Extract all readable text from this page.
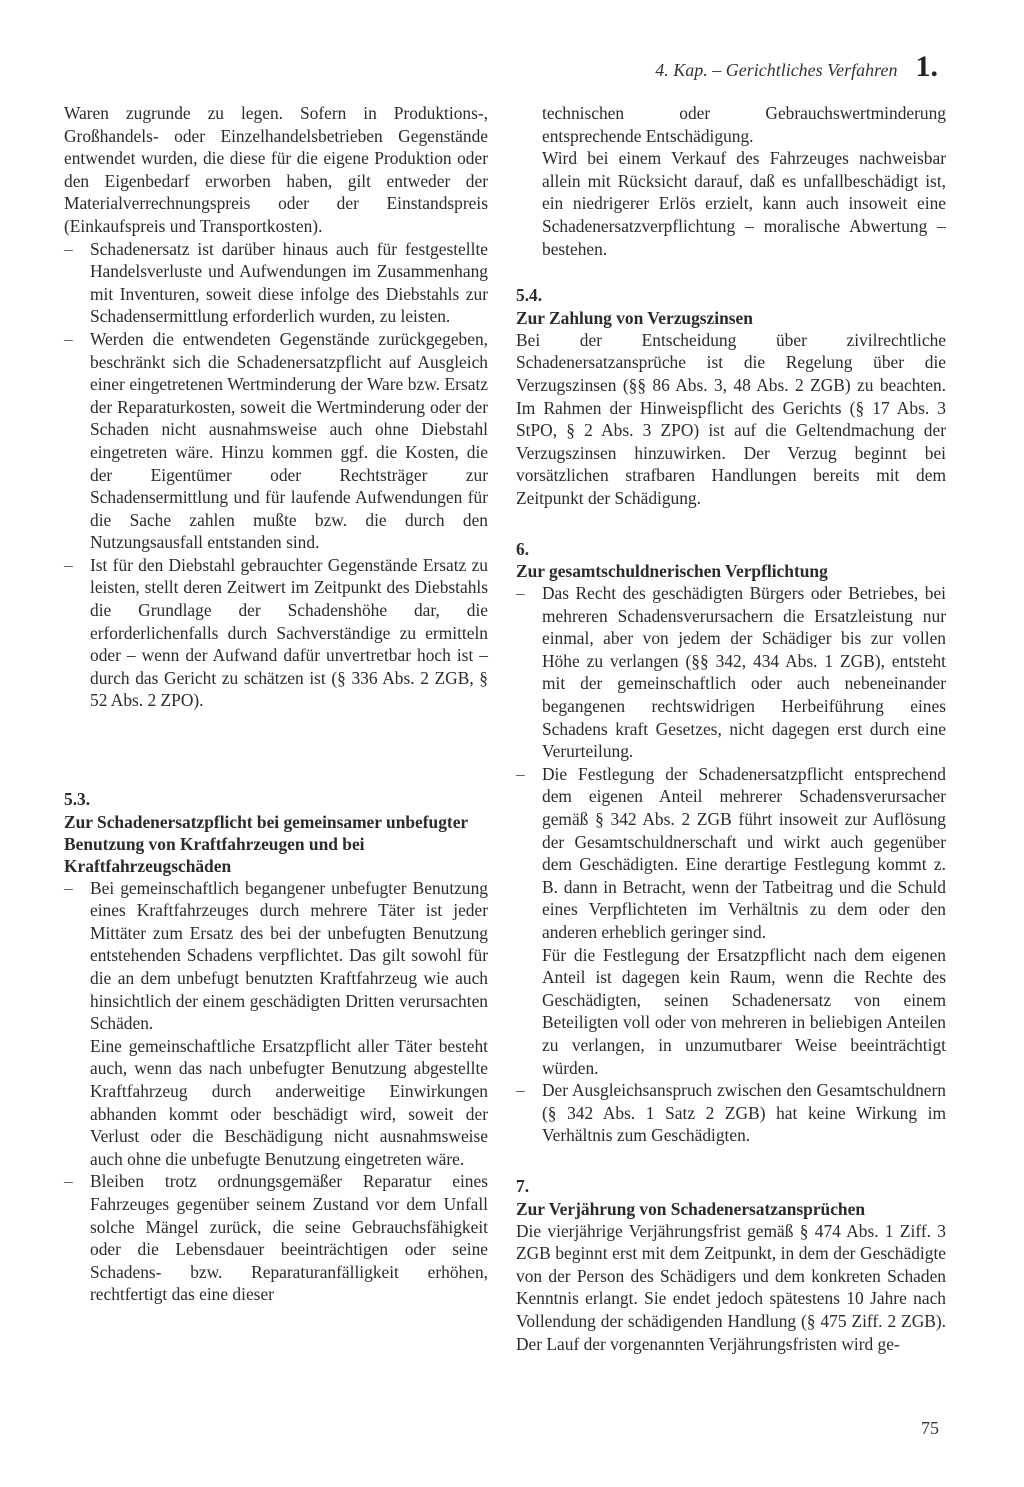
4. Kap. – Gerichtliches Verfahren 1.

Waren zugrunde zu legen. Sofern in Produktions-, Großhandels- oder Einzelhandelsbetrieben Gegenstände entwendet wurden, die diese für die eigene Produktion oder den Eigenbedarf erworben haben, gilt entweder der Materialverrechnungspreis oder der Einstandspreis (Einkaufspreis und Transportkosten).

– Schadenersatz ist darüber hinaus auch für festgestellte Handelsverluste und Aufwendungen im Zusammenhang mit Inventuren, soweit diese infolge des Diebstahls zur Schadensermittlung erforderlich wurden, zu leisten.

– Werden die entwendeten Gegenstände zurückgegeben, beschränkt sich die Schadenersatzpflicht auf Ausgleich einer eingetretenen Wertminderung der Ware bzw. Ersatz der Reparaturkosten, soweit die Wertminderung oder der Schaden nicht ausnahmsweise auch ohne Diebstahl eingetreten wäre. Hinzu kommen ggf. die Kosten, die der Eigentümer oder Rechtsträger zur Schadensermittlung und für laufende Aufwendungen für die Sache zahlen mußte bzw. die durch den Nutzungsausfall entstanden sind.

– Ist für den Diebstahl gebrauchter Gegenstände Ersatz zu leisten, stellt deren Zeitwert im Zeitpunkt des Diebstahls die Grundlage der Schadenshöhe dar, die erforderlichenfalls durch Sachverständige zu ermitteln oder – wenn der Aufwand dafür unvertretbar hoch ist – durch das Gericht zu schätzen ist (§ 336 Abs. 2 ZGB, § 52 Abs. 2 ZPO).

5.3.

Zur Schadenersatzpflicht bei gemeinsamer unbefugter Benutzung von Kraftfahrzeugen und bei Kraftfahrzeugschäden

– Bei gemeinschaftlich begangener unbefugter Benutzung eines Kraftfahrzeuges durch mehrere Täter ist jeder Mittäter zum Ersatz des bei der unbefugten Benutzung entstehenden Schadens verpflichtet. Das gilt sowohl für die an dem unbefugt benutzten Kraftfahrzeug wie auch hinsichtlich der einem geschädigten Dritten verursachten Schäden.

Eine gemeinschaftliche Ersatzpflicht aller Täter besteht auch, wenn das nach unbefugter Benutzung abgestellte Kraftfahrzeug durch anderweitige Einwirkungen abhanden kommt oder beschädigt wird, soweit der Verlust oder die Beschädigung nicht ausnahmsweise auch ohne die unbefugte Benutzung eingetreten wäre.

– Bleiben trotz ordnungsgemäßer Reparatur eines Fahrzeuges gegenüber seinem Zustand vor dem Unfall solche Mängel zurück, die seine Gebrauchsfähigkeit oder die Lebensdauer beeinträchtigen oder seine Schadens- bzw. Reparaturanfälligkeit erhöhen, rechtfertigt das eine dieser

technischen oder Gebrauchswertminderung entsprechende Entschädigung.

Wird bei einem Verkauf des Fahrzeuges nachweisbar allein mit Rücksicht darauf, daß es unfallbeschädigt ist, ein niedrigerer Erlös erzielt, kann auch insoweit eine Schadenersatzverpflichtung – moralische Abwertung – bestehen.

5.4.

Zur Zahlung von Verzugszinsen

Bei der Entscheidung über zivilrechtliche Schadenersatzansprüche ist die Regelung über die Verzugszinsen (§§ 86 Abs. 3, 48 Abs. 2 ZGB) zu beachten. Im Rahmen der Hinweispflicht des Gerichts (§ 17 Abs. 3 StPO, § 2 Abs. 3 ZPO) ist auf die Geltendmachung der Verzugszinsen hinzuwirken. Der Verzug beginnt bei vorsätzlichen strafbaren Handlungen bereits mit dem Zeitpunkt der Schädigung.

6.

Zur gesamtschuldnerischen Verpflichtung

– Das Recht des geschädigten Bürgers oder Betriebes, bei mehreren Schadensverursachern die Ersatzleistung nur einmal, aber von jedem der Schädiger bis zur vollen Höhe zu verlangen (§§ 342, 434 Abs. 1 ZGB), entsteht mit der gemeinschaftlich oder auch nebeneinander begangenen rechtswidrigen Herbeiführung eines Schadens kraft Gesetzes, nicht dagegen erst durch eine Verurteilung.

– Die Festlegung der Schadenersatzpflicht entsprechend dem eigenen Anteil mehrerer Schadensverursacher gemäß § 342 Abs. 2 ZGB führt insoweit zur Auflösung der Gesamtschuldnerschaft und wirkt auch gegenüber dem Geschädigten. Eine derartige Festlegung kommt z. B. dann in Betracht, wenn der Tatbeitrag und die Schuld eines Verpflichteten im Verhältnis zu dem oder den anderen erheblich geringer sind.

Für die Festlegung der Ersatzpflicht nach dem eigenen Anteil ist dagegen kein Raum, wenn die Rechte des Geschädigten, seinen Schadenersatz von einem Beteiligten voll oder von mehreren in beliebigen Anteilen zu verlangen, in unzumutbarer Weise beeinträchtigt würden.

– Der Ausgleichsanspruch zwischen den Gesamtschuldnern (§ 342 Abs. 1 Satz 2 ZGB) hat keine Wirkung im Verhältnis zum Geschädigten.

7.

Zur Verjährung von Schadenersatzansprüchen

Die vierjährige Verjährungsfrist gemäß § 474 Abs. 1 Ziff. 3 ZGB beginnt erst mit dem Zeitpunkt, in dem der Geschädigte von der Person des Schädigers und dem konkreten Schaden Kenntnis erlangt. Sie endet jedoch spätestens 10 Jahre nach Vollendung der schädigenden Handlung (§ 475 Ziff. 2 ZGB). Der Lauf der vorgenannten Verjährungsfristen wird ge-

75
